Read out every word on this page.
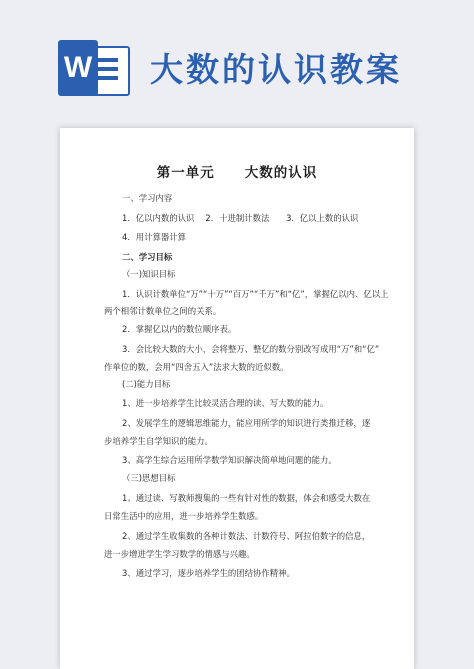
W 大数的认识教案
第一单元 大数的认识
一、学习内容
1．亿以内数的认识　 2．十进制计数法　　3．亿以上数的认识
4．用计算器计算
二、学习目标
（一)知识目标
1．认识计数单位“万”“十万”“百万”“千万”和“亿”，掌握亿以内、亿以上
两个相邻计数单位之间的关系。
2．掌握亿以内的数位顺序表。
3．会比较大数的大小，会将整万、整亿的数分别改写成用“万”和“亿”
作单位的数，会用“四舍五入”法求大数的近似数。
(二)能力目标
1、进一步培养学生比较灵活合理的读、写大数的能力。
2、发展学生的逻辑思维能力，能应用所学的知识进行类推迁移，逐
步培养学生自学知识的能力。
3、高学生综合运用所学数学知识解决简单地问题的能力。
（三)思想目标
1、通过读、写教师搜集的一些有针对性的数据，体会和感受大数在
日常生活中的应用，进一步培养学生数感。
2、通过学生收集数的各种计数法、计数符号、阿拉伯数字的信息，
进一步增进学生学习数学的情感与兴趣。
3、通过学习，逐步培养学生的团结协作精神。
